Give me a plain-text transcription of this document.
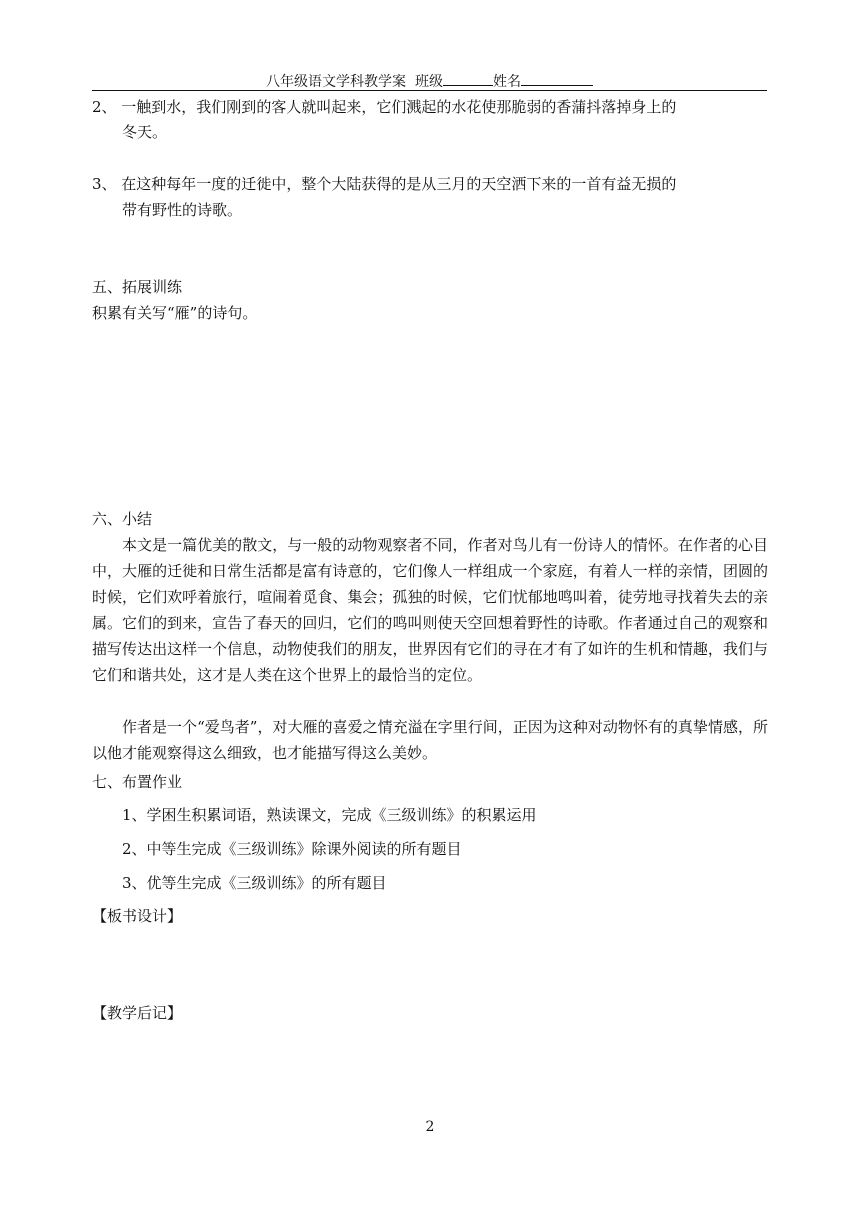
八年级语文学科教学案 班级	姓名
2、 一触到水，我们刚到的客人就叫起来，它们溅起的水花使那脆弱的香蒲抖落掉身上的
冬天。
3、 在这种每年一度的迁徙中，整个大陆获得的是从三月的天空洒下来的一首有益无损的
带有野性的诗歌。
五、拓展训练
积累有关写“雁”的诗句。
六、小结
本文是一篇优美的散文，与一般的动物观察者不同，作者对鸟儿有一份诗人的情怀。在作者的心目中，大雁的迁徙和日常生活都是富有诗意的，它们像人一样组成一个家庭，有着人一样的亲情，团圆的时候，它们欢呼着旅行，喧闹着觅食、集会；孤独的时候，它们忧郁地鸣叫着，徒劳地寻找着失去的亲属。它们的到来，宣告了春天的回归，它们的鸣叫则使天空回想着野性的诗歌。作者通过自己的观察和描写传达出这样一个信息，动物使我们的朋友，世界因有它们的寻在才有了如许的生机和情趣，我们与它们和谐共处，这才是人类在这个世界上的最恰当的定位。
作者是一个“爱鸟者”，对大雁的喜爱之情充溢在字里行间，正因为这种对动物怀有的真挚情感，所以他才能观察得这么细致，也才能描写得这么美妙。
七、布置作业
1、学困生积累词语，熟读课文，完成《三级训练》的积累运用
2、中等生完成《三级训练》除课外阅读的所有题目
3、优等生完成《三级训练》的所有题目
【板书设计】
【教学后记】
2
